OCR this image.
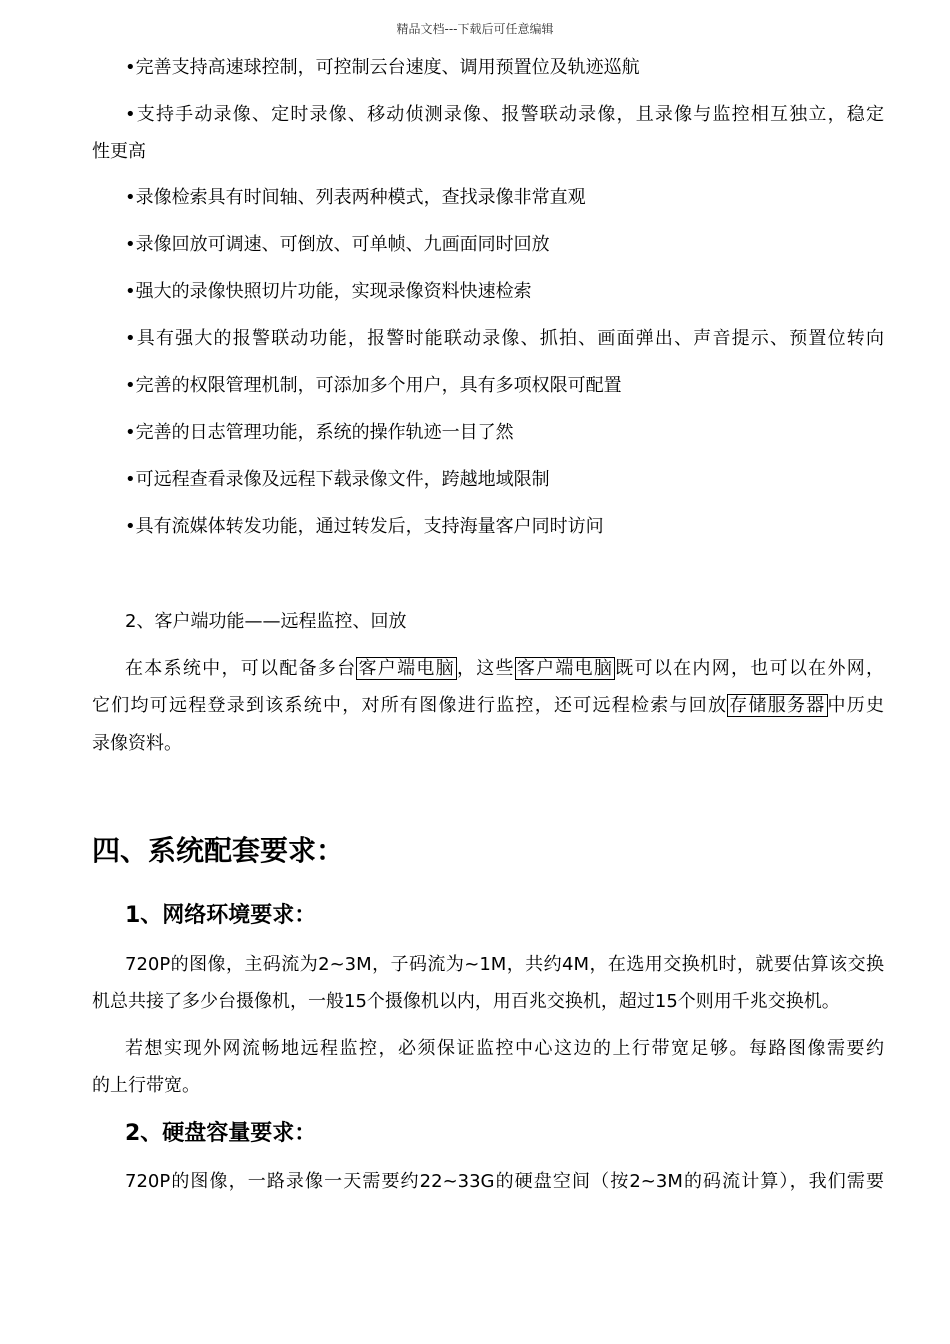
精品文档---下载后可任意编辑
•完善支持高速球控制，可控制云台速度、调用预置位及轨迹巡航
•支持手动录像、定时录像、移动侦测录像、报警联动录像，且录像与监控相互独立，稳定
性更高
•录像检索具有时间轴、列表两种模式，查找录像非常直观
•录像回放可调速、可倒放、可单帧、九画面同时回放
•强大的录像快照切片功能，实现录像资料快速检索
•具有强大的报警联动功能，报警时能联动录像、抓拍、画面弹出、声音提示、预置位转向
•完善的权限管理机制，可添加多个用户，具有多项权限可配置
•完善的日志管理功能，系统的操作轨迹一目了然
•可远程查看录像及远程下载录像文件，跨越地域限制
•具有流媒体转发功能，通过转发后，支持海量客户同时访问
2、客户端功能——远程监控、回放
在本系统中，可以配备多台 客户端电脑 ，这些 客户端电脑 既可以在内网，也可以在外网，
它们均可远程登录到该系统中，对所有图像进行监控，还可远程检索与回放 存储服务器 中历史
录像资料。
四、系统配套要求：
1、网络环境要求：
720P的图像，主码流为2~3M，子码流为~1M，共约4M，在选用交换机时，就要估算该交换
机总共接了多少台摄像机，一般15个摄像机以内，用百兆交换机，超过15个则用千兆交换机。
若想实现外网流畅地远程监控，必须保证监控中心这边的上行带宽足够。每路图像需要约
的上行带宽。
2、硬盘容量要求：
720P的图像，一路录像一天需要约22~33G的硬盘空间（按2~3M的码流计算），我们需要
